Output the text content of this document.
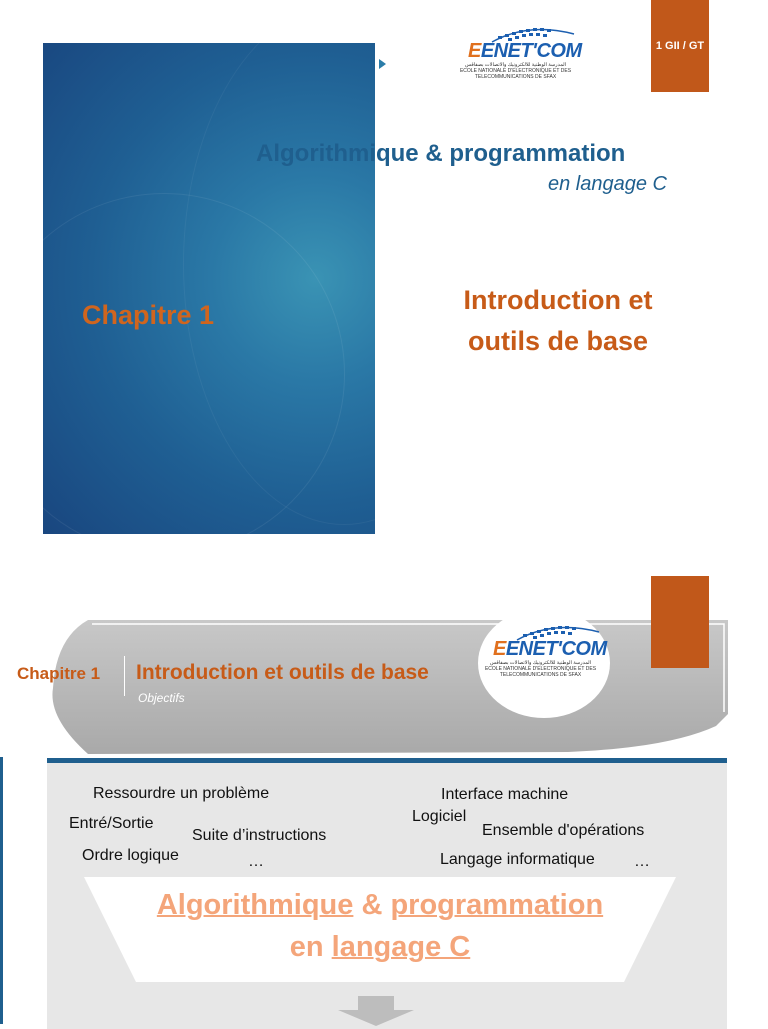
1 GII / GT
EENET'COM
المدرسة الوطنية للالكترونيك والاتصالات بصفاقس
ECOLE NATIONALE D'ELECTRONIQUE ET DES
TELECOMMUNICATIONS DE SFAX
Algorithmique & programmation
en langage C
Chapitre 1	Introduction et
outils de base
EENET'COM
المدرسة الوطنية للالكترونيك والاتصالات بصفاقس
ECOLE NATIONALE D'ELECTRONIQUE ET DES
TELECOMMUNICATIONS DE SFAX
Chapitre 1 Introduction et outils de base
Objectifs
Ressourdre un problème
Entré/Sortie
Suite d’instructions
Ordre logique	…
Interface machine
Logiciel
Ensemble d'opérations
Langage informatique …
Algorithmique & programmation
en langage C
